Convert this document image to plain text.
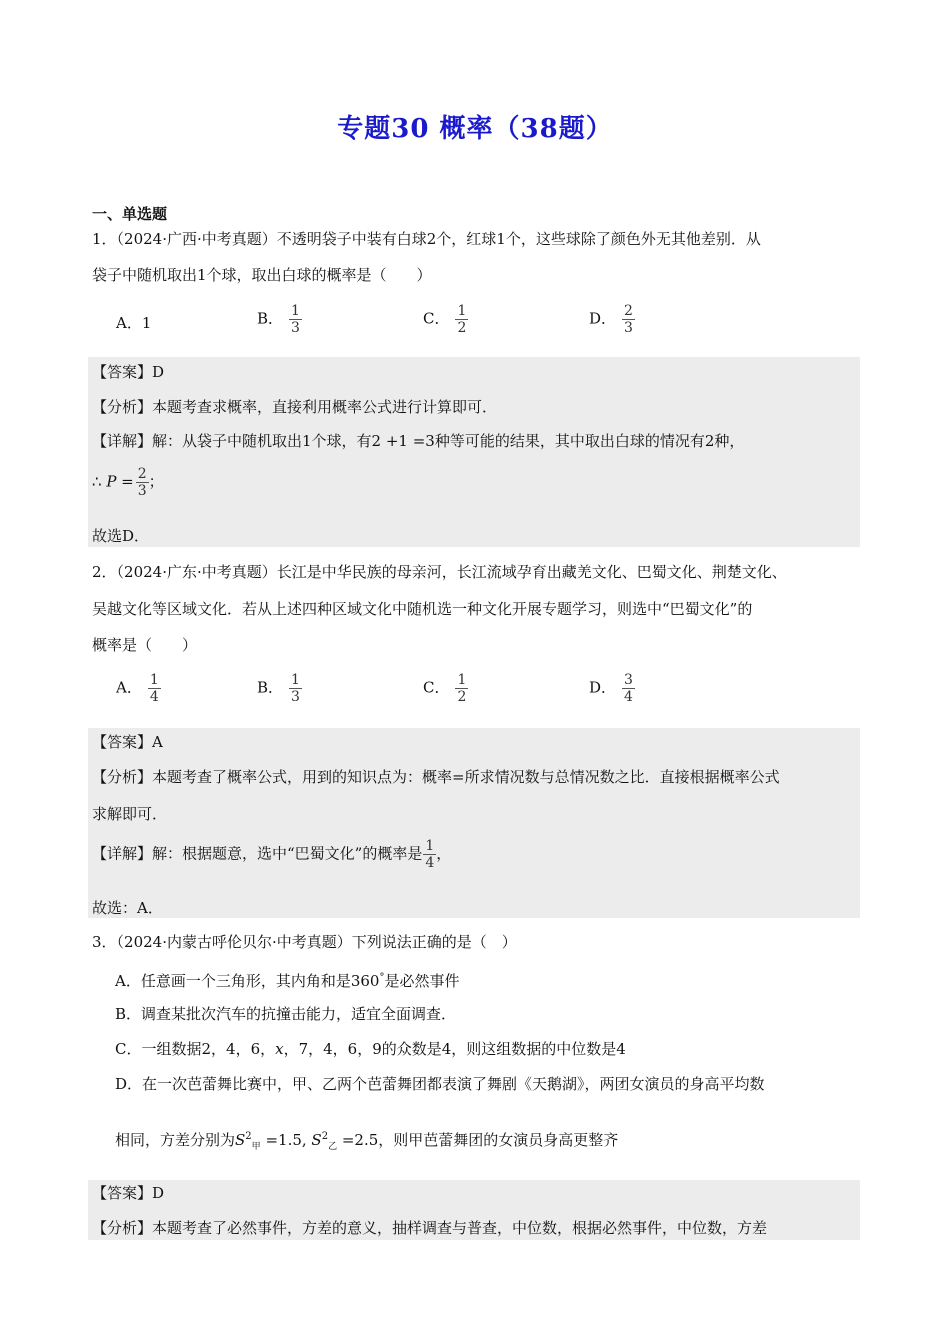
专题30 概率（38题）
一、单选题
1．（2024·广西·中考真题）不透明袋子中装有白球2个，红球1个，这些球除了颜色外无其他差别．从
袋子中随机取出1个球，取出白球的概率是（　　）
A．1	B． $\frac{1}{3}$	C． $\frac{1}{2}$	D． $\frac{2}{3}$
【答案】D
【分析】本题考查求概率，直接利用概率公式进行计算即可．
【详解】解：从袋子中随机取出1个球，有2 +1 =3种等可能的结果，其中取出白球的情况有2种，
∴ $P = \frac{2}{3}$ ；
故选D．
2．（2024·广东·中考真题）长江是中华民族的母亲河，长江流域孕育出藏羌文化、巴蜀文化、荆楚文化、
吴越文化等区域文化．若从上述四种区域文化中随机选一种文化开展专题学习，则选中“巴蜀文化”的
概率是（　　）
A． $\frac{1}{4}$	B． $\frac{1}{3}$	C． $\frac{1}{2}$	D． $\frac{3}{4}$
【答案】A
【分析】本题考查了概率公式，用到的知识点为：概率=所求情况数与总情况数之比．直接根据概率公式
求解即可．
【详解】解：根据题意，选中“巴蜀文化”的概率是 $\frac{1}{4}$ ，
故选：A．
3．（2024·内蒙古呼伦贝尔·中考真题）下列说法正确的是（　）
A．任意画一个三角形，其内角和是360°是必然事件
B．调查某批次汽车的抗撞击能力，适宜全面调查．
C．一组数据2，4，6，x，7，4，6，9的众数是4，则这组数据的中位数是4
D．在一次芭蕾舞比赛中，甲、乙两个芭蕾舞团都表演了舞剧《天鹅湖》，两团女演员的身高平均数
相同，方差分别为$S^2_甲 =1.5$, $S^2_乙 =2.5$，则甲芭蕾舞团的女演员身高更整齐
【答案】D
【分析】本题考查了必然事件，方差的意义，抽样调查与普查，中位数，根据必然事件，中位数，方差
